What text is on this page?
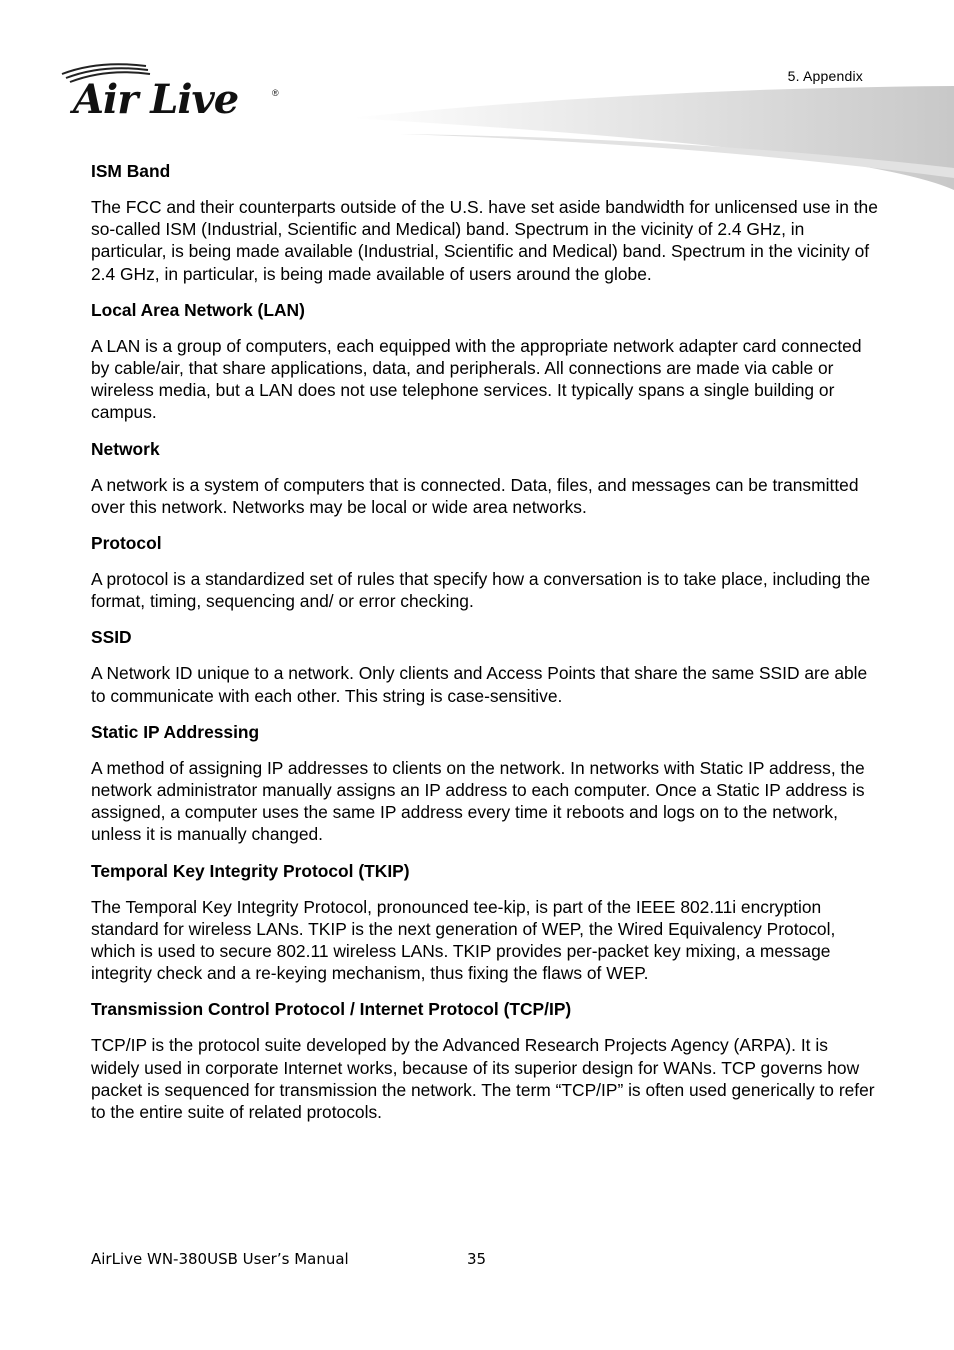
Air Live	®
5. Appendix

ISM Band

The FCC and their counterparts outside of the U.S. have set aside bandwidth for unlicensed use in the so-called ISM (Industrial, Scientific and Medical) band. Spectrum in the vicinity of 2.4 GHz, in particular, is being made available (Industrial, Scientific and Medical) band. Spectrum in the vicinity of 2.4 GHz, in particular, is being made available of users around the globe.

Local Area Network (LAN)

A LAN is a group of computers, each equipped with the appropriate network adapter card connected by cable/air, that share applications, data, and peripherals. All connections are made via cable or wireless media, but a LAN does not use telephone services. It typically spans a single building or campus.

Network

A network is a system of computers that is connected. Data, files, and messages can be transmitted over this network. Networks may be local or wide area networks.

Protocol

A protocol is a standardized set of rules that specify how a conversation is to take place, including the format, timing, sequencing and/ or error checking.

SSID

A Network ID unique to a network. Only clients and Access Points that share the same SSID are able to communicate with each other. This string is case-sensitive.

Static IP Addressing

A method of assigning IP addresses to clients on the network. In networks with Static IP address, the network administrator manually assigns an IP address to each computer. Once a Static IP address is assigned, a computer uses the same IP address every time it reboots and logs on to the network, unless it is manually changed.

Temporal Key Integrity Protocol (TKIP)

The Temporal Key Integrity Protocol, pronounced tee-kip, is part of the IEEE 802.11i encryption standard for wireless LANs. TKIP is the next generation of WEP, the Wired Equivalency Protocol, which is used to secure 802.11 wireless LANs. TKIP provides per-packet key mixing, a message integrity check and a re-keying mechanism, thus fixing the flaws of WEP.

Transmission Control Protocol / Internet Protocol (TCP/IP)

TCP/IP is the protocol suite developed by the Advanced Research Projects Agency (ARPA). It is widely used in corporate Internet works, because of its superior design for WANs. TCP governs how packet is sequenced for transmission the network. The term “TCP/IP” is often used generically to refer to the entire suite of related protocols.

AirLive WN-380USB User’s Manual	35
